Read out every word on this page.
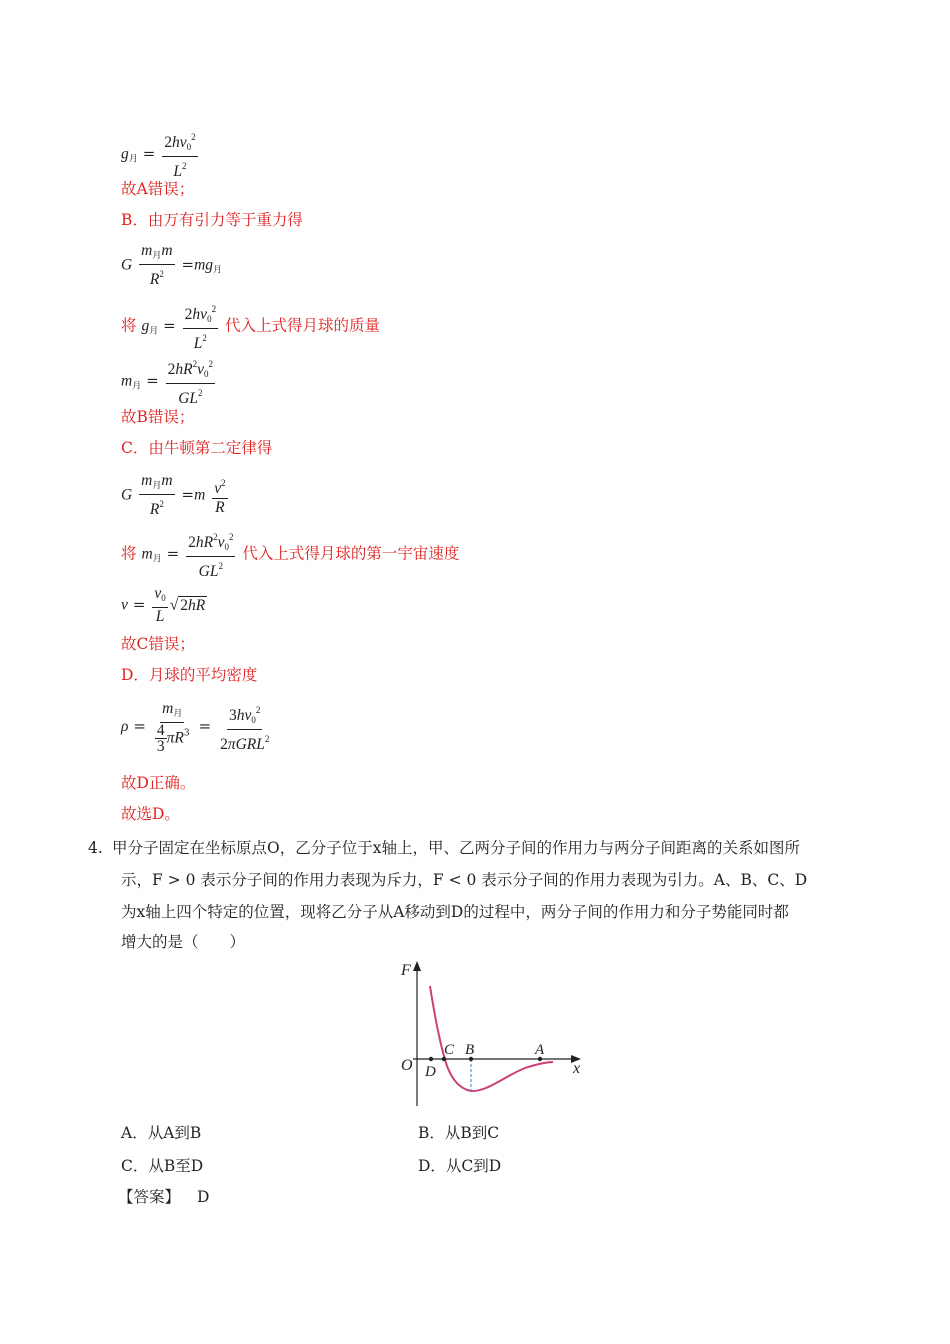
$g_月 = \frac{2hv_0^2}{L^2}$
故A错误；
B．由万有引力等于重力得
G
$m_月m$
$R^2$
$=mg_月$
将 $g_月 = \frac{2hv_0^2}{L^2}$ 代入上式得月球的质量
$m_月 = \frac{2hR^2v_0^2}{GL^2}$
故B错误；
C．由牛顿第二定律得
G
$m_月m$
$R^2$
$=m \frac{v^2}{R}$
将 $m_月 = \frac{2hR^2v_0^2}{GL^2}$ 代入上式得月球的第一宇宙速度
$v = \frac{v_0}{L}$ √ 2hR
故C错误；
D．月球的平均密度
ρ =
$m_月$
$\frac{4}{3} \pi R^3$ =
$3hv_0^2$
2πGRL$^2$
故D正确。
故选D。
4. 甲分子固定在坐标原点O，乙分子位于x轴上，甲、乙两分子间的作用力与两分子间距离的关系如图所
示，F > 0 表示分子间的作用力表现为斥力，F < 0 表示分子间的作用力表现为引力。A、B、C、D
为x轴上四个特定的位置，现将乙分子从A移动到D的过程中，两分子间的作用力和分子势能同时都
增大的是（　　）
F
x
O D
C B	A
A．从A到B	B．从B到C
C．从B至D	D．从C到D
【答案】 D
